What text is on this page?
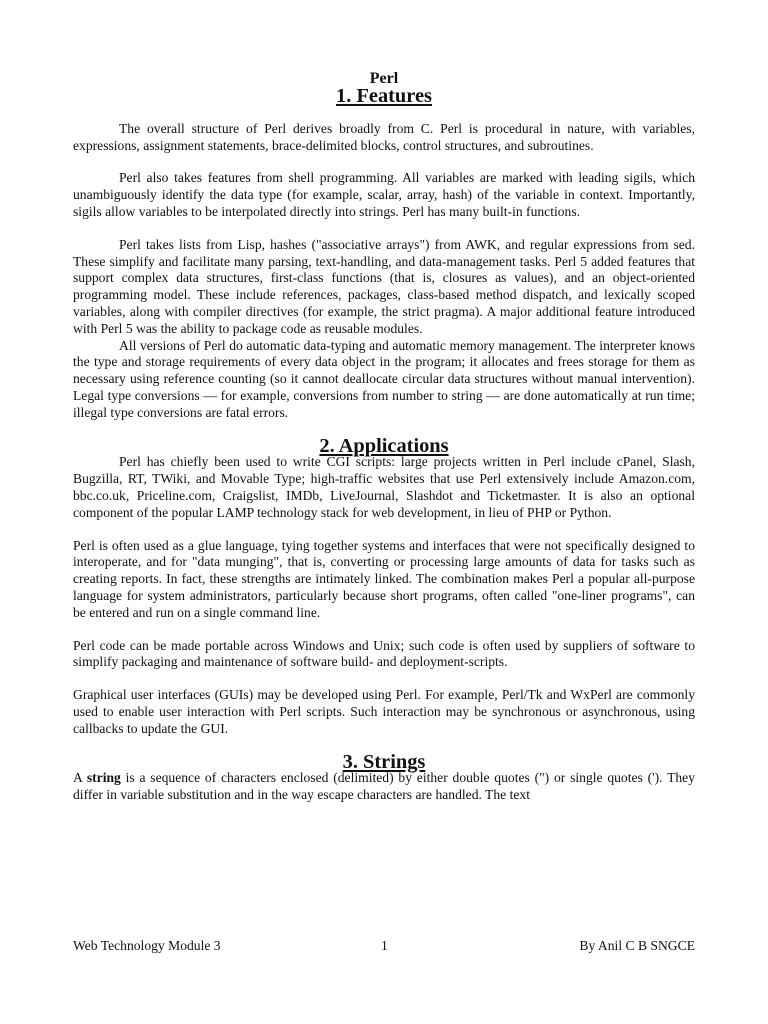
Perl
1. Features

The overall structure of Perl derives broadly from C. Perl is procedural in nature, with variables, expressions, assignment statements, brace-delimited blocks, control structures, and subroutines.

Perl also takes features from shell programming. All variables are marked with leading sigils, which unambiguously identify the data type (for example, scalar, array, hash) of the variable in context. Importantly, sigils allow variables to be interpolated directly into strings. Perl has many built-in functions.

Perl takes lists from Lisp, hashes ("associative arrays") from AWK, and regular expressions from sed. These simplify and facilitate many parsing, text-handling, and data-management tasks. Perl 5 added features that support complex data structures, first-class functions (that is, closures as values), and an object-oriented programming model. These include references, packages, class-based method dispatch, and lexically scoped variables, along with compiler directives (for example, the strict pragma). A major additional feature introduced with Perl 5 was the ability to package code as reusable modules.

All versions of Perl do automatic data-typing and automatic memory management. The interpreter knows the type and storage requirements of every data object in the program; it allocates and frees storage for them as necessary using reference counting (so it cannot deallocate circular data structures without manual intervention). Legal type conversions — for example, conversions from number to string — are done automatically at run time; illegal type conversions are fatal errors.

2. Applications

Perl has chiefly been used to write CGI scripts: large projects written in Perl include cPanel, Slash, Bugzilla, RT, TWiki, and Movable Type; high-traffic websites that use Perl extensively include Amazon.com, bbc.co.uk, Priceline.com, Craigslist, IMDb, LiveJournal, Slashdot and Ticketmaster. It is also an optional component of the popular LAMP technology stack for web development, in lieu of PHP or Python.

Perl is often used as a glue language, tying together systems and interfaces that were not specifically designed to interoperate, and for "data munging", that is, converting or processing large amounts of data for tasks such as creating reports. In fact, these strengths are intimately linked. The combination makes Perl a popular all-purpose language for system administrators, particularly because short programs, often called "one-liner programs", can be entered and run on a single command line.

Perl code can be made portable across Windows and Unix; such code is often used by suppliers of software to simplify packaging and maintenance of software build- and deployment-scripts.

Graphical user interfaces (GUIs) may be developed using Perl. For example, Perl/Tk and WxPerl are commonly used to enable user interaction with Perl scripts. Such interaction may be synchronous or asynchronous, using callbacks to update the GUI.

3. Strings

A string is a sequence of characters enclosed (delimited) by either double quotes (") or single quotes ('). They differ in variable substitution and in the way escape characters are handled. The text

Web Technology Module 3	1	By Anil C B SNGCE
